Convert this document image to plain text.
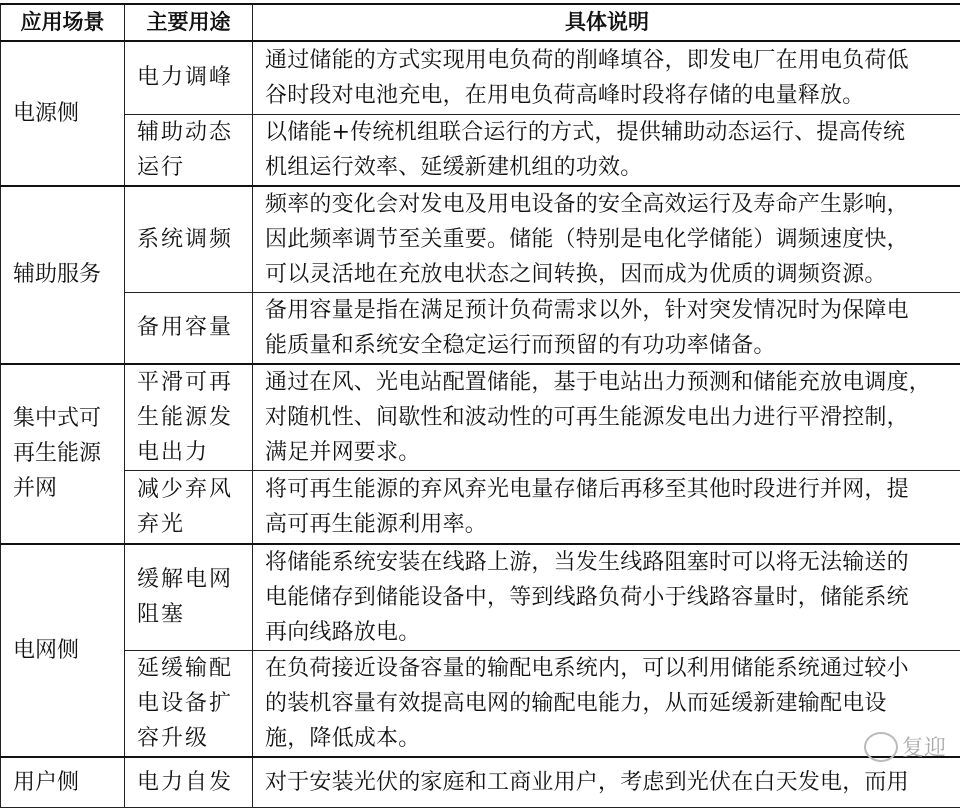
应用场景	主要用途	具体说明

电源侧	电力调峰	通过储能的方式实现用电负荷的削峰填谷，即发电厂在用电负荷低
谷时段对电池充电，在用电负荷高峰时段将存储的电量释放。

	辅助动态
运行	以储能+传统机组联合运行的方式，提供辅助动态运行、提高传统
机组运行效率、延缓新建机组的功效。

辅助服务	系统调频	频率的变化会对发电及用电设备的安全高效运行及寿命产生影响，
因此频率调节至关重要。储能（特别是电化学储能）调频速度快，
可以灵活地在充放电状态之间转换，因而成为优质的调频资源。

	备用容量	备用容量是指在满足预计负荷需求以外，针对突发情况时为保障电
能质量和系统安全稳定运行而预留的有功功率储备。

集中式可
再生能源
并网	平滑可再
生能源发
电出力	通过在风、光电站配置储能，基于电站出力预测和储能充放电调度，
对随机性、间歇性和波动性的可再生能源发电出力进行平滑控制，
满足并网要求。

	减少弃风
弃光	将可再生能源的弃风弃光电量存储后再移至其他时段进行并网，提
高可再生能源利用率。

电网侧	缓解电网
阻塞	将储能系统安装在线路上游，当发生线路阻塞时可以将无法输送的
电能储存到储能设备中，等到线路负荷小于线路容量时，储能系统
再向线路放电。

	延缓输配
电设备扩
容升级	在负荷接近设备容量的输配电系统内，可以利用储能系统通过较小
的装机容量有效提高电网的输配电能力，从而延缓新建输配电设
施，降低成本。

用户侧	电力自发	对于安装光伏的家庭和工商业用户，考虑到光伏在白天发电，而用
复迎
